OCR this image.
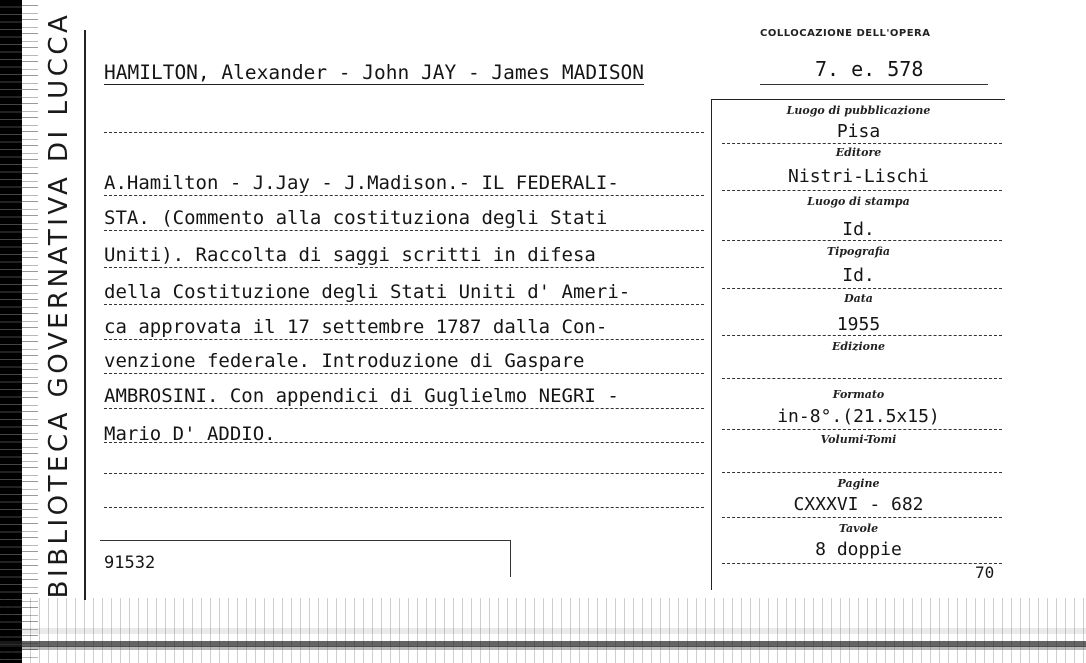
BIBLIOTECA GOVERNATIVA DI LUCCA	COLLOCAZIONE DELL'OPERA
7. e. 578
HAMILTON, Alexander - John JAY - James MADISON
A.Hamilton - J.Jay - J.Madison.- IL FEDERALI-
STA. (Commento alla costituziona degli Stati
Uniti). Raccolta di saggi scritti in difesa
della Costituzione degli Stati Uniti d' Ameri-
ca approvata il 17 settembre 1787 dalla Con-
venzione federale. Introduzione di Gaspare
AMBROSINI. Con appendici di Guglielmo NEGRI -
Mario D' ADDIO.
91532
Luogo di pubblicazione
Pisa
Editore
Nistri-Lischi
Luogo di stampa
Id.
Tipografia
Id.
Data
1955
Edizione
Formato
in-8°.(21.5x15)
Volumi-Tomi
Pagine
CXXXVI - 682
Tavole
8 doppie
70
